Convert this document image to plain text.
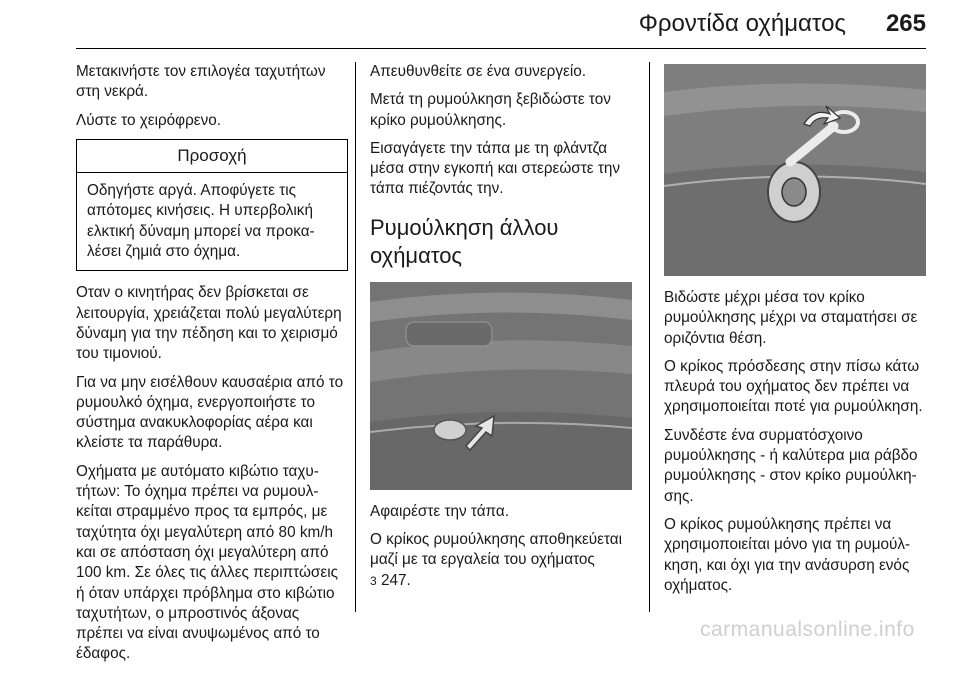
Φροντίδα οχήματος 265

Μετακινήστε τον επιλογέα ταχυτήτων στη νεκρά.

Λύστε το χειρόφρενο.

Προσοχή
Οδηγήστε αργά. Αποφύγετε τις απότομες κινήσεις. Η υπερβολική ελκτική δύναμη μπορεί να προκαλέσει ζημιά στο όχημα.

Οταν ο κινητήρας δεν βρίσκεται σε λειτουργία, χρειάζεται πολύ μεγαλύτερη δύναμη για την πέδηση και το χειρισμό του τιμονιού.

Για να μην εισέλθουν καυσαέρια από το ρυμουλκό όχημα, ενεργοποιήστε το σύστημα ανακυκλοφορίας αέρα και κλείστε τα παράθυρα.

Οχήματα με αυτόματο κιβώτιο ταχυτήτων: Το όχημα πρέπει να ρυμουλκείται στραμμένο προς τα εμπρός, με ταχύτητα όχι μεγαλύτερη από 80 km/h και σε απόσταση όχι μεγαλύτερη από 100 km. Σε όλες τις άλλες περιπτώσεις ή όταν υπάρχει πρόβλημα στο κιβώτιο ταχυτήτων, ο μπροστινός άξονας πρέπει να είναι ανυψωμένος από το έδαφος.

Απευθυνθείτε σε ένα συνεργείο.

Μετά τη ρυμούλκηση ξεβιδώστε τον κρίκο ρυμούλκησης.

Εισαγάγετε την τάπα με τη φλάντζα μέσα στην εγκοπή και στερεώστε την τάπα πιέζοντάς την.

Ρυμούλκηση άλλου οχήματος

Αφαιρέστε την τάπα.

Ο κρίκος ρυμούλκησης αποθηκεύεται μαζί με τα εργαλεία του οχήματος
3 247.

Βιδώστε μέχρι μέσα τον κρίκο ρυμούλκησης μέχρι να σταματήσει σε οριζόντια θέση.

Ο κρίκος πρόσδεσης στην πίσω κάτω πλευρά του οχήματος δεν πρέπει να χρησιμοποιείται ποτέ για ρυμούλκηση.

Συνδέστε ένα συρματόσχοινο ρυμούλκησης - ή καλύτερα μια ράβδο ρυμούλκησης - στον κρίκο ρυμούλκησης.

Ο κρίκος ρυμούλκησης πρέπει να χρησιμοποιείται μόνο για τη ρυμούλκηση, και όχι για την ανάσυρση ενός οχήματος.

carmanualsonline.info
